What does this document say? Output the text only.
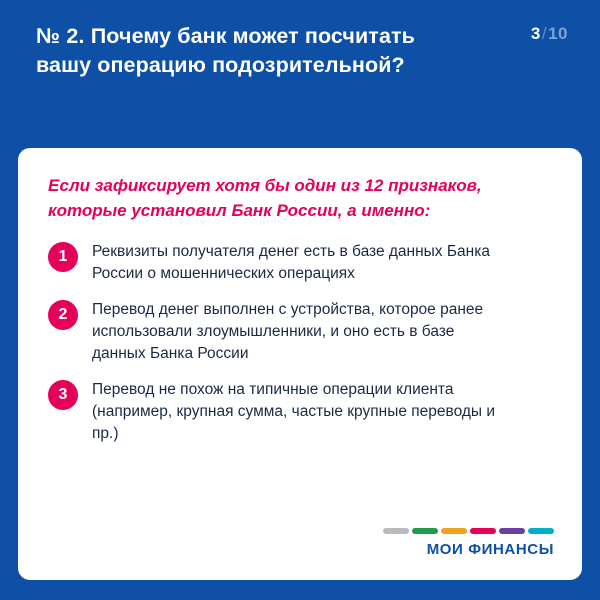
№ 2. Почему банк может посчитать вашу операцию подозрительной?
3/10

Если зафиксирует хотя бы один из 12 признаков, которые установил Банк России, а именно:

1	Реквизиты получателя денег есть в базе данных Банка России о мошеннических операциях
2	Перевод денег выполнен с устройства, которое ранее использовали злоумышленники, и оно есть в базе данных Банка России
3	Перевод не похож на типичные операции клиента (например, крупная сумма, частые крупные переводы и пр.)
МОИ ФИНАНСЫ
